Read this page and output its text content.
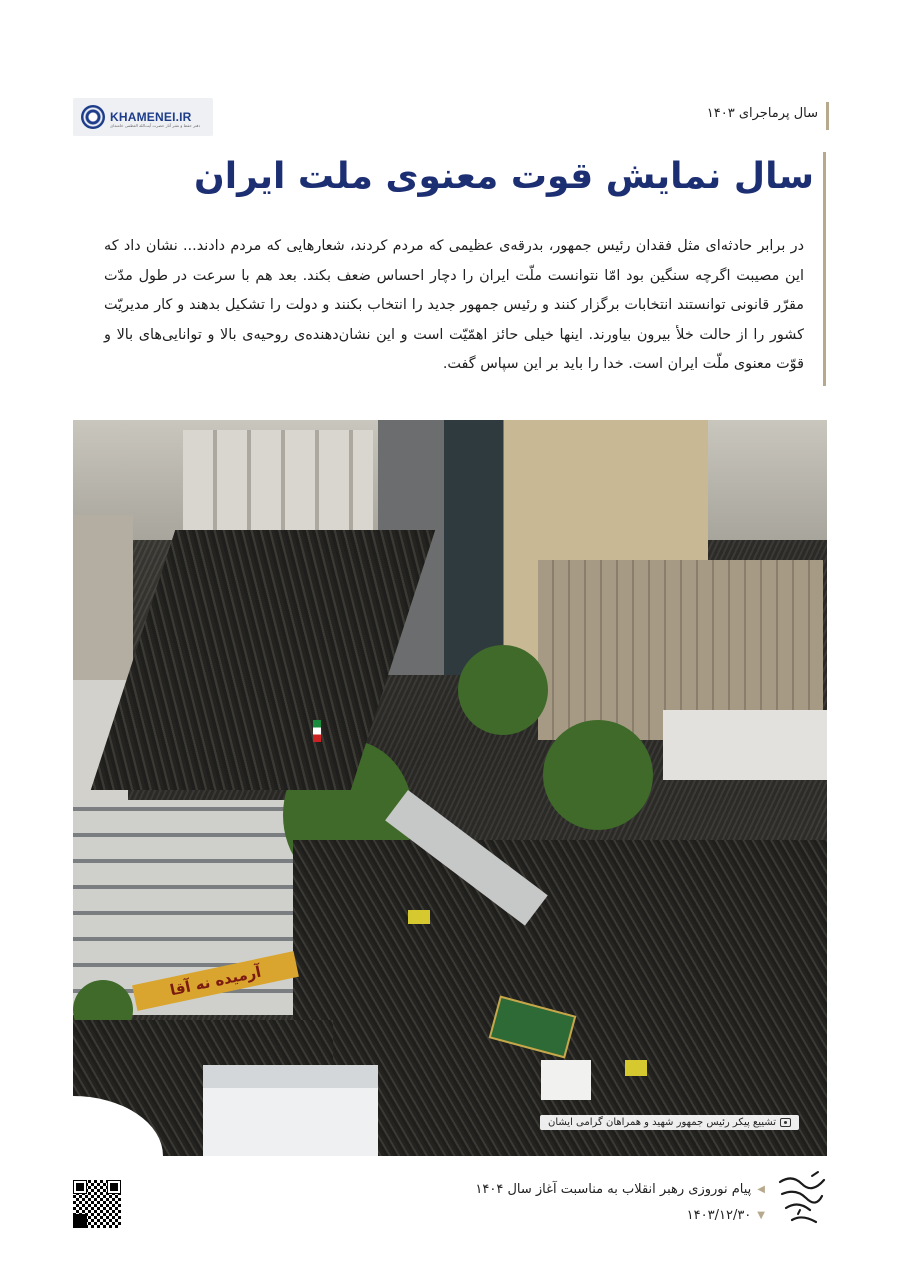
سال پرماجرای ۱۴۰۳
KHAMENEI.IR
دفتر حفظ و نشر آثار حضرت آیت‌الله العظمی خامنه‌ای
سال نمایش قوت معنوی ملت ایران

در برابر حادثه‌ای مثل فقدان رئیس جمهور، بدرقه‌ی عظیمی که مردم کردند، شعارهایی که مردم دادند... نشان داد که این مصیبت اگرچه سنگین بود امّا نتوانست ملّت ایران را دچار احساس ضعف بکند. بعد هم با سرعت در طول مدّت مقرّر قانونی توانستند انتخابات برگزار کنند و رئیس جمهور جدید را انتخاب بکنند و دولت را تشکیل بدهند و کار مدیریّت کشور را از حالت خلأ بیرون بیاورند. اینها خیلی حائز اهمّیّت است و این نشان‌دهنده‌ی روحیه‌ی بالا و توانایی‌های بالا و قوّت معنوی ملّت ایران است. خدا را باید بر این سپاس گفت.

آرمیده نه آقا
تشییع پیکر رئیس جمهور شهید و همراهان گرامی ایشان
◀
پیام نوروزی رهبر انقلاب به مناسبت آغاز سال ۱۴۰۴
▼
۱۴۰۳/۱۲/۳۰
